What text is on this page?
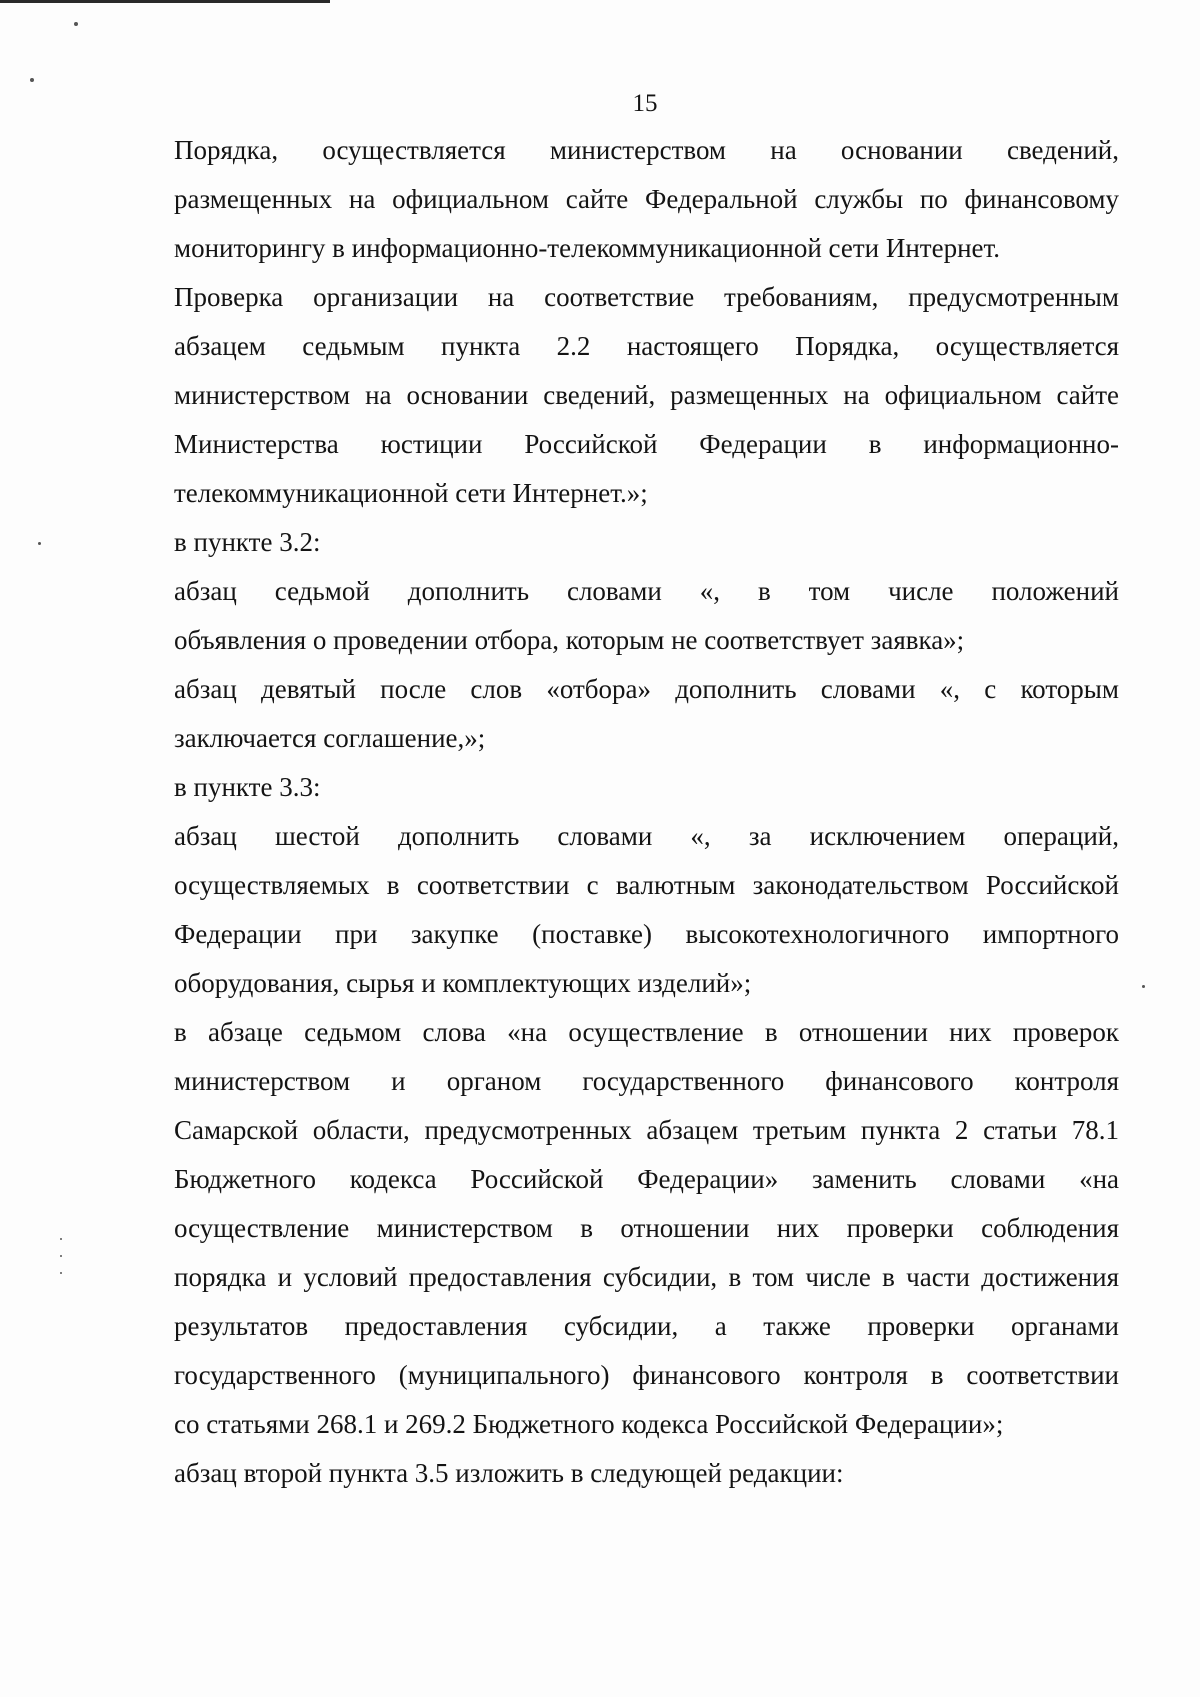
15

Порядка, осуществляется министерством на основании сведений,

размещенных на официальном сайте Федеральной службы по финансовому

мониторингу в информационно-телекоммуникационной сети Интернет.

Проверка организации на соответствие требованиям, предусмотренным

абзацем седьмым пункта 2.2 настоящего Порядка, осуществляется

министерством на основании сведений, размещенных на официальном сайте

Министерства юстиции Российской Федерации в информационно-

телекоммуникационной сети Интернет.»;

в пункте 3.2:

абзац седьмой дополнить словами «, в том числе положений

объявления о проведении отбора, которым не соответствует заявка»;

абзац девятый после слов «отбора» дополнить словами «, с которым

заключается соглашение,»;

в пункте 3.3:

абзац шестой дополнить словами «, за исключением операций,

осуществляемых в соответствии с валютным законодательством Российской

Федерации при закупке (поставке) высокотехнологичного импортного

оборудования, сырья и комплектующих изделий»;

в абзаце седьмом слова «на осуществление в отношении них проверок

министерством и органом государственного финансового контроля

Самарской области, предусмотренных абзацем третьим пункта 2 статьи 78.1

Бюджетного кодекса Российской Федерации» заменить словами «на

осуществление министерством в отношении них проверки соблюдения

порядка и условий предоставления субсидии, в том числе в части достижения

результатов предоставления субсидии, а также проверки органами

государственного (муниципального) финансового контроля в соответствии

со статьями 268.1 и 269.2 Бюджетного кодекса Российской Федерации»;

абзац второй пункта 3.5 изложить в следующей редакции:
